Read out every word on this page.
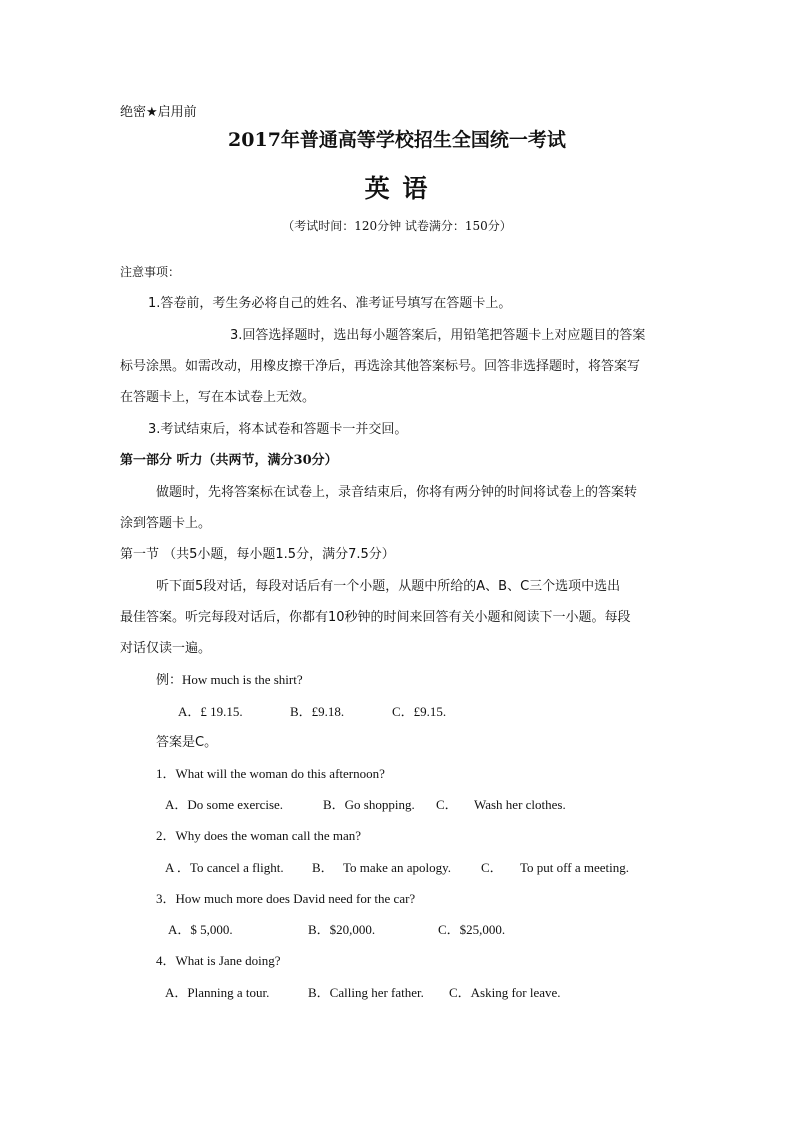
绝密★启用前
2017年普通高等学校招生全国统一考试
英 语
（考试时间：120分钟 试卷满分：150分）
注意事项：
1.答卷前，考生务必将自己的姓名、准考证号填写在答题卡上。
3.回答选择题时，选出每小题答案后，用铅笔把答题卡上对应题目的答案
标号涂黑。如需改动，用橡皮擦干净后，再选涂其他答案标号。回答非选择题时，将答案写
在答题卡上，写在本试卷上无效。
3.考试结束后，将本试卷和答题卡一并交回。
第一部分 听力（共两节，满分30分）
做题时，先将答案标在试卷上，录音结束后，你将有两分钟的时间将试卷上的答案转
涂到答题卡上。
第一节 （共5小题，每小题1.5分，满分7.5分）
听下面5段对话，每段对话后有一个小题，从题中所给的A、B、C三个选项中选出
最佳答案。听完每段对话后，你都有10秒钟的时间来回答有关小题和阅读下一小题。每段
对话仅读一遍。
例：How much is the shirt?
A．£ 19.15.	B．£9.18.	C．£9.15.
答案是C。
1．What will the woman do this afternoon?
A．Do some exercise.	B．Go shopping. C． Wash her clothes.
2．Why does the woman call the man?
A ．To cancel a flight. B． To make an apology. C． To put off a meeting.
3．How much more does David need for the car?
A．$ 5,000.	B．$20,000.	C．$25,000.
4．What is Jane doing?
A．Planning a tour.	B．Calling her father. C．Asking for leave.
